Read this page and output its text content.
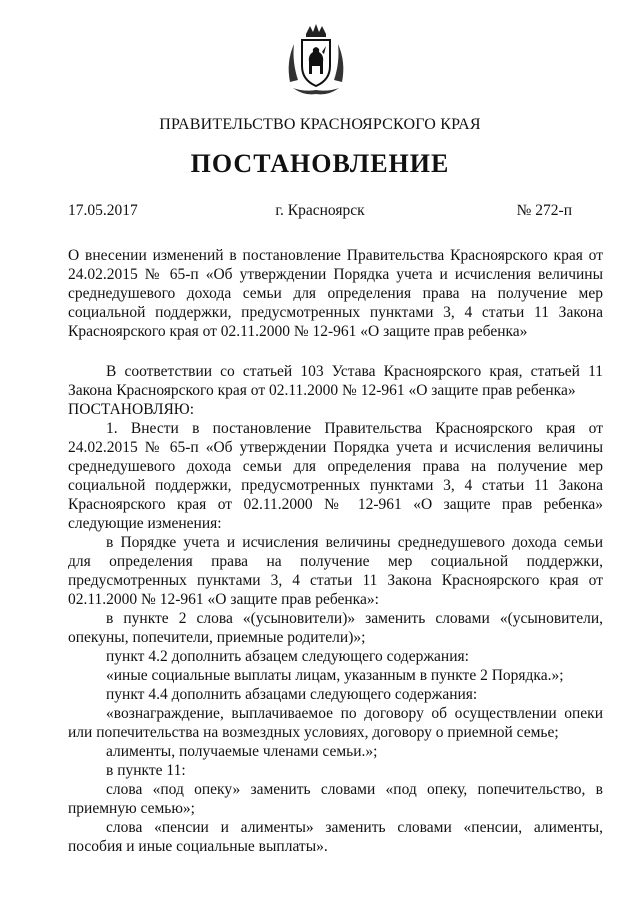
ПРАВИТЕЛЬСТВО КРАСНОЯРСКОГО КРАЯ
ПОСТАНОВЛЕНИЕ
17.05.2017	г. Красноярск	№ 272-п

О внесении изменений в постановление Правительства Красноярского края от 24.02.2015 № 65-п «Об утверждении Порядка учета и исчисления величины среднедушевого дохода семьи для определения права на получение мер социальной поддержки, предусмотренных пунктами 3, 4 статьи 11 Закона Красноярского края от 02.11.2000 № 12-961 «О защите прав ребенка»

В соответствии со статьей 103 Устава Красноярского края, статьей 11 Закона Красноярского края от 02.11.2000 № 12-961 «О защите прав ребенка»

ПОСТАНОВЛЯЮ:

1. Внести в постановление Правительства Красноярского края от 24.02.2015 № 65-п «Об утверждении Порядка учета и исчисления величины среднедушевого дохода семьи для определения права на получение мер социальной поддержки, предусмотренных пунктами 3, 4 статьи 11 Закона Красноярского края от 02.11.2000 № 12-961 «О защите прав ребенка» следующие изменения:

в Порядке учета и исчисления величины среднедушевого дохода семьи для определения права на получение мер социальной поддержки, предусмотренных пунктами 3, 4 статьи 11 Закона Красноярского края от 02.11.2000 № 12-961 «О защите прав ребенка»:

в пункте 2 слова «(усыновители)» заменить словами «(усыновители, опекуны, попечители, приемные родители)»;

пункт 4.2 дополнить абзацем следующего содержания:

«иные социальные выплаты лицам, указанным в пункте 2 Порядка.»;

пункт 4.4 дополнить абзацами следующего содержания:

«вознаграждение, выплачиваемое по договору об осуществлении опеки или попечительства на возмездных условиях, договору о приемной семье;

алименты, получаемые членами семьи.»;

в пункте 11:

слова «под опеку» заменить словами «под опеку, попечительство, в приемную семью»;

слова «пенсии и алименты» заменить словами «пенсии, алименты, пособия и иные социальные выплаты».
